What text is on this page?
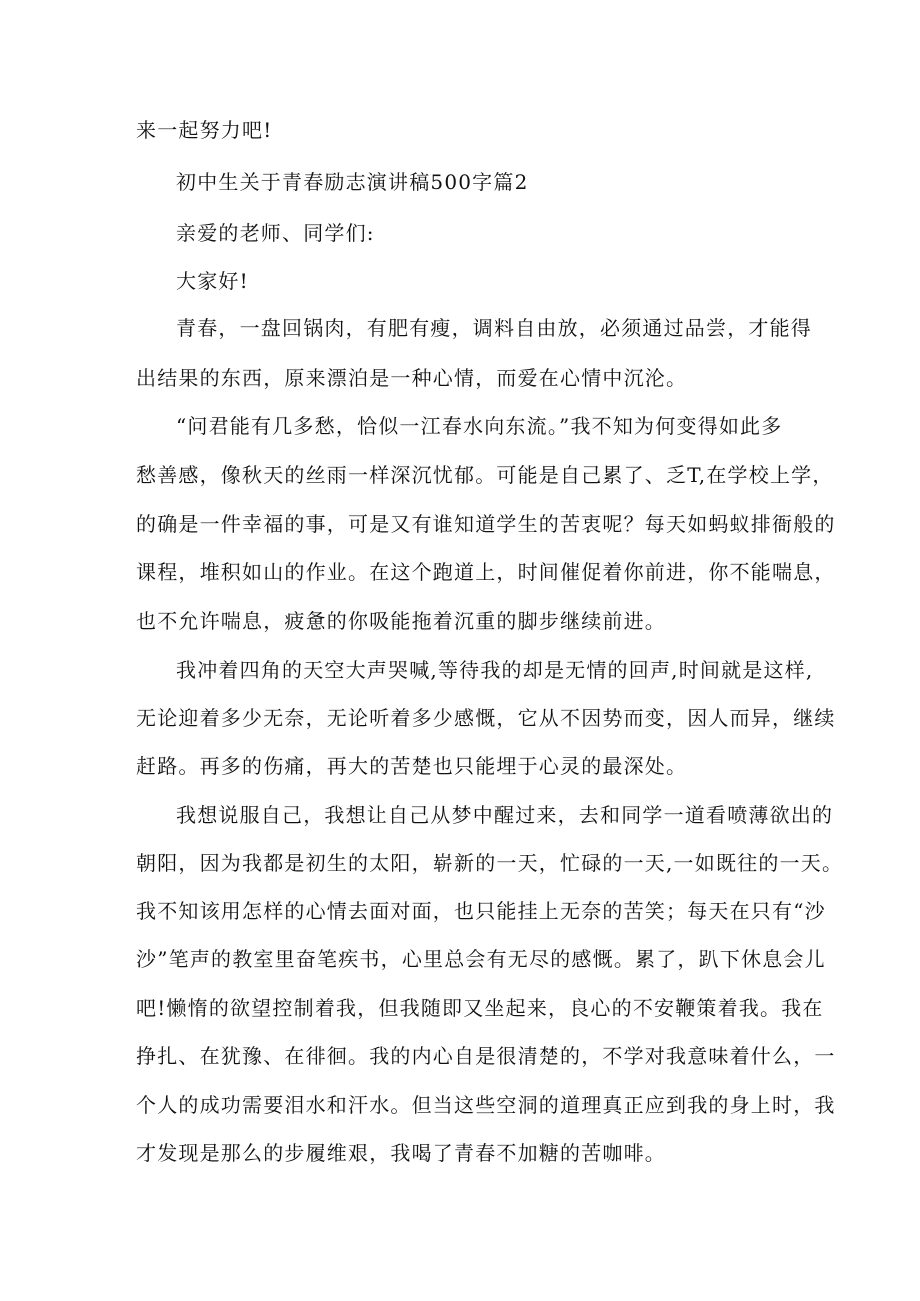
来一起努力吧!
初中生关于青春励志演讲稿500字篇2
亲爱的老师、同学们:
大家好!
青春，一盘回锅肉，有肥有瘦，调料自由放，必须通过品尝，才能得
出结果的东西，原来漂泊是一种心情，而爱在心情中沉沦。
“问君能有几多愁，恰似一江春水向东流。”我不知为何变得如此多
愁善感，像秋天的丝雨一样深沉忧郁。可能是自己累了、乏T,在学校上学，
的确是一件幸福的事，可是又有谁知道学生的苦衷呢？每天如蚂蚁排衙般的
课程，堆积如山的作业。在这个跑道上，时间催促着你前进，你不能喘息，
也不允许喘息，疲惫的你吸能拖着沉重的脚步继续前进。
我冲着四角的天空大声哭喊,等待我的却是无情的回声,时间就是这样,
无论迎着多少无奈，无论听着多少感慨，它从不因势而变，因人而异，继续
赶路。再多的伤痛，再大的苦楚也只能埋于心灵的最深处。
我想说服自己，我想让自己从梦中醒过来，去和同学一道看喷薄欲出的
朝阳，因为我都是初生的太阳，崭新的一天，忙碌的一天,一如既往的一天。
我不知该用怎样的心情去面对面，也只能挂上无奈的苦笑；每天在只有“沙
沙”笔声的教室里奋笔疾书，心里总会有无尽的感慨。累了，趴下休息会儿
吧!懒惰的欲望控制着我，但我随即又坐起来，良心的不安鞭策着我。我在
挣扎、在犹豫、在徘徊。我的内心自是很清楚的，不学对我意味着什么，一
个人的成功需要泪水和汗水。但当这些空洞的道理真正应到我的身上时，我
才发现是那么的步履维艰，我喝了青春不加糖的苦咖啡。
